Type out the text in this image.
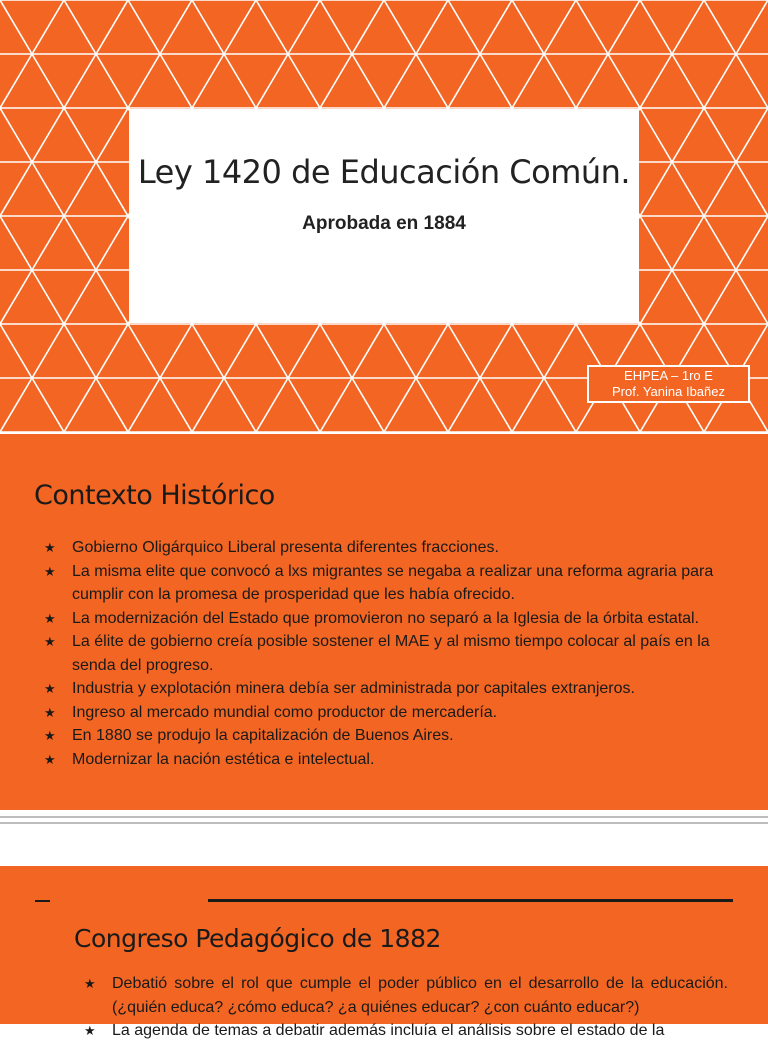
Ley 1420 de Educación Común.
Aprobada en 1884
EHPEA – 1ro E
Prof. Yanina Ibañez
Contexto Histórico
★ Gobierno Oligárquico Liberal presenta diferentes fracciones.
★ La misma elite que convocó a lxs migrantes se negaba a realizar una reforma agraria para cumplir con la promesa de prosperidad que les había ofrecido.
★ La modernización del Estado que promovieron no separó a la Iglesia de la órbita estatal.
★ La élite de gobierno creía posible sostener el MAE y al mismo tiempo colocar al país en la senda del progreso.
★ Industria y explotación minera debía ser administrada por capitales extranjeros.
★ Ingreso al mercado mundial como productor de mercadería.
★ En 1880 se produjo la capitalización de Buenos Aires.
★ Modernizar la nación estética e intelectual.
Congreso Pedagógico de 1882
★ Debatió sobre el rol que cumple el poder público en el desarrollo de la educación. (¿quién educa? ¿cómo educa? ¿a quiénes educar? ¿con cuánto educar?)
★ La agenda de temas a debatir además incluía el análisis sobre el estado de la
